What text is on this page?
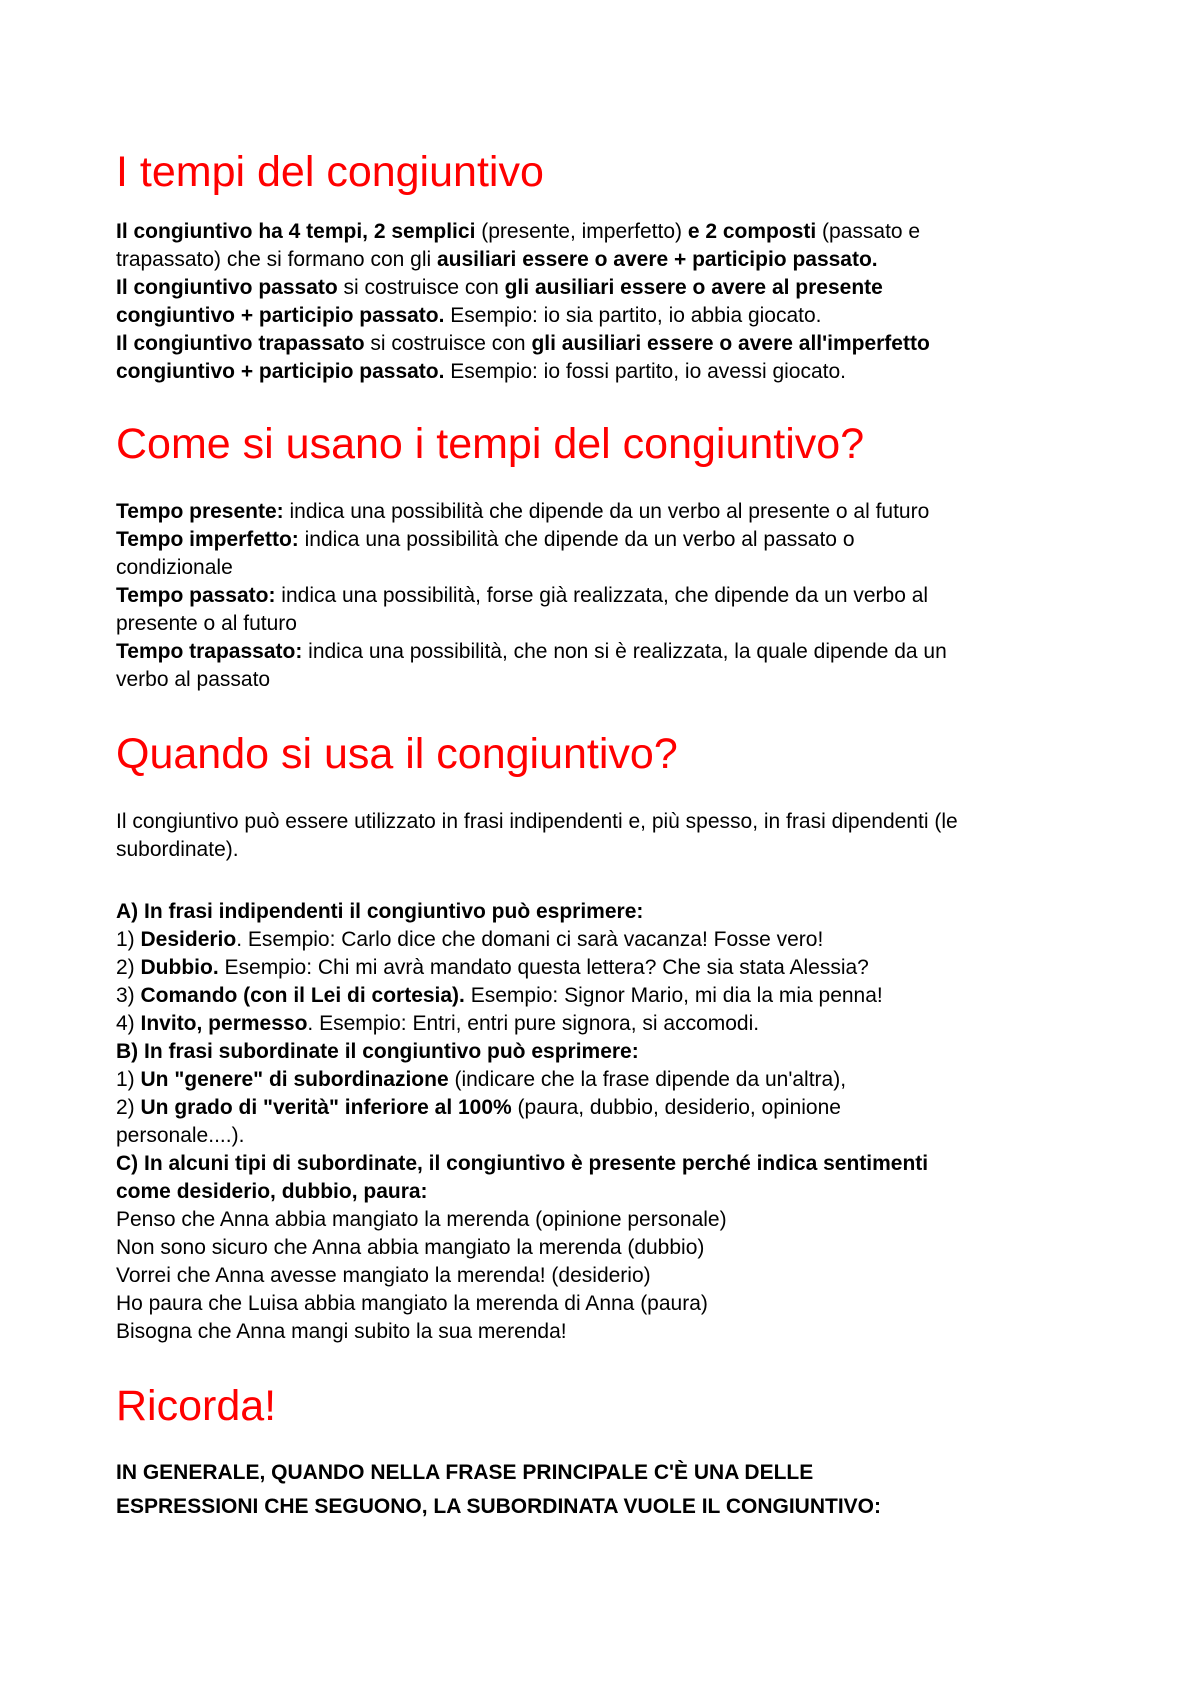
I tempi del congiuntivo
Il congiuntivo ha 4 tempi, 2 semplici (presente, imperfetto) e 2 composti (passato e
trapassato) che si formano con gli ausiliari essere o avere + participio passato.
Il congiuntivo passato si costruisce con gli ausiliari essere o avere al presente
congiuntivo + participio passato. Esempio: io sia partito, io abbia giocato.
Il congiuntivo trapassato si costruisce con gli ausiliari essere o avere all'imperfetto
congiuntivo + participio passato. Esempio: io fossi partito, io avessi giocato.
Come si usano i tempi del congiuntivo?
Tempo presente: indica una possibilità che dipende da un verbo al presente o al futuro
Tempo imperfetto: indica una possibilità che dipende da un verbo al passato o
condizionale
Tempo passato: indica una possibilità, forse già realizzata, che dipende da un verbo al
presente o al futuro
Tempo trapassato: indica una possibilità, che non si è realizzata, la quale dipende da un
verbo al passato
Quando si usa il congiuntivo?
Il congiuntivo può essere utilizzato in frasi indipendenti e, più spesso, in frasi dipendenti (le
subordinate).
A) In frasi indipendenti il congiuntivo può esprimere:
1) Desiderio. Esempio: Carlo dice che domani ci sarà vacanza! Fosse vero!
2) Dubbio. Esempio: Chi mi avrà mandato questa lettera? Che sia stata Alessia?
3) Comando (con il Lei di cortesia). Esempio: Signor Mario, mi dia la mia penna!
4) Invito, permesso. Esempio: Entri, entri pure signora, si accomodi.
B) In frasi subordinate il congiuntivo può esprimere:
1) Un "genere" di subordinazione (indicare che la frase dipende da un'altra),
2) Un grado di "verità" inferiore al 100% (paura, dubbio, desiderio, opinione
personale....).
C) In alcuni tipi di subordinate, il congiuntivo è presente perché indica sentimenti
come desiderio, dubbio, paura:
Penso che Anna abbia mangiato la merenda (opinione personale)
Non sono sicuro che Anna abbia mangiato la merenda (dubbio)
Vorrei che Anna avesse mangiato la merenda! (desiderio)
Ho paura che Luisa abbia mangiato la merenda di Anna (paura)
Bisogna che Anna mangi subito la sua merenda!
Ricorda!
IN GENERALE, QUANDO NELLA FRASE PRINCIPALE C'È UNA DELLE
ESPRESSIONI CHE SEGUONO, LA SUBORDINATA VUOLE IL CONGIUNTIVO:
